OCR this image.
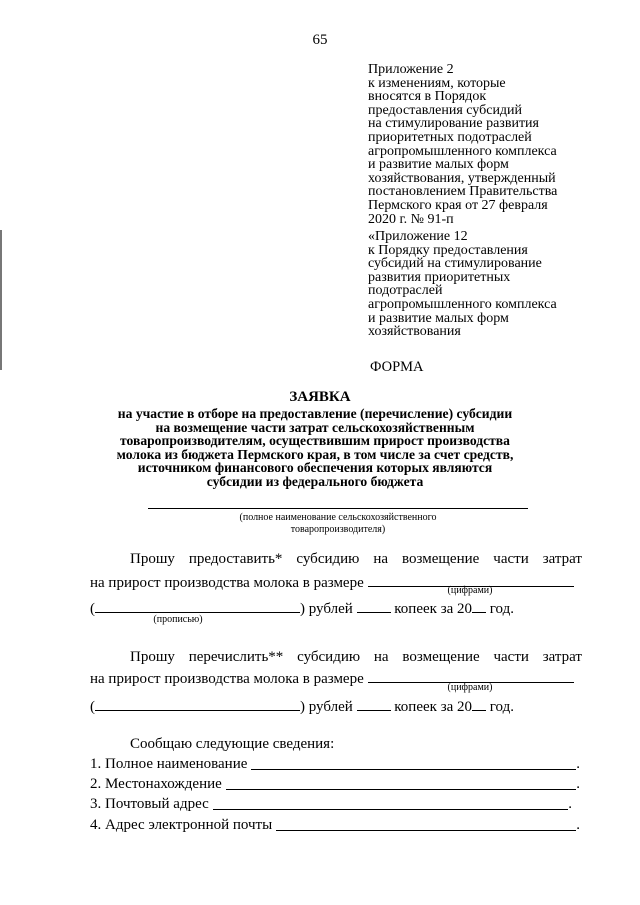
65
Приложение 2
к изменениям, которые
вносятся в Порядок
предоставления субсидий
на стимулирование развития
приоритетных подотраслей
агропромышленного комплекса
и развитие малых форм
хозяйствования, утвержденный
постановлением Правительства
Пермского края от 27 февраля
2020 г. № 91-п
«Приложение 12
к Порядку предоставления
субсидий на стимулирование
развития приоритетных
подотраслей
агропромышленного комплекса
и развитие малых форм
хозяйствования
ФОРМА
ЗАЯВКА
на участие в отборе на предоставление (перечисление) субсидии
на возмещение части затрат сельскохозяйственным
товаропроизводителям, осуществившим прирост производства
молока из бюджета Пермского края, в том числе за счет средств,
источником финансового обеспечения которых являются
субсидии из федерального бюджета
(полное наименование сельскохозяйственного
товаропроизводителя)
Прошу предоставить* субсидию на возмещение части затрат
на прирост производства молока в размере	(цифрами)
(	) рублей	копеек за 20 год.
(прописью)
Прошу перечислить** субсидию на возмещение части затрат
на прирост производства молока в размере
(цифрами)
(	) рублей	копеек за 20 год.
Сообщаю следующие сведения:
1. Полное наименование	.
2. Местонахождение	.
3. Почтовый адрес	.
4. Адрес электронной почты	.
